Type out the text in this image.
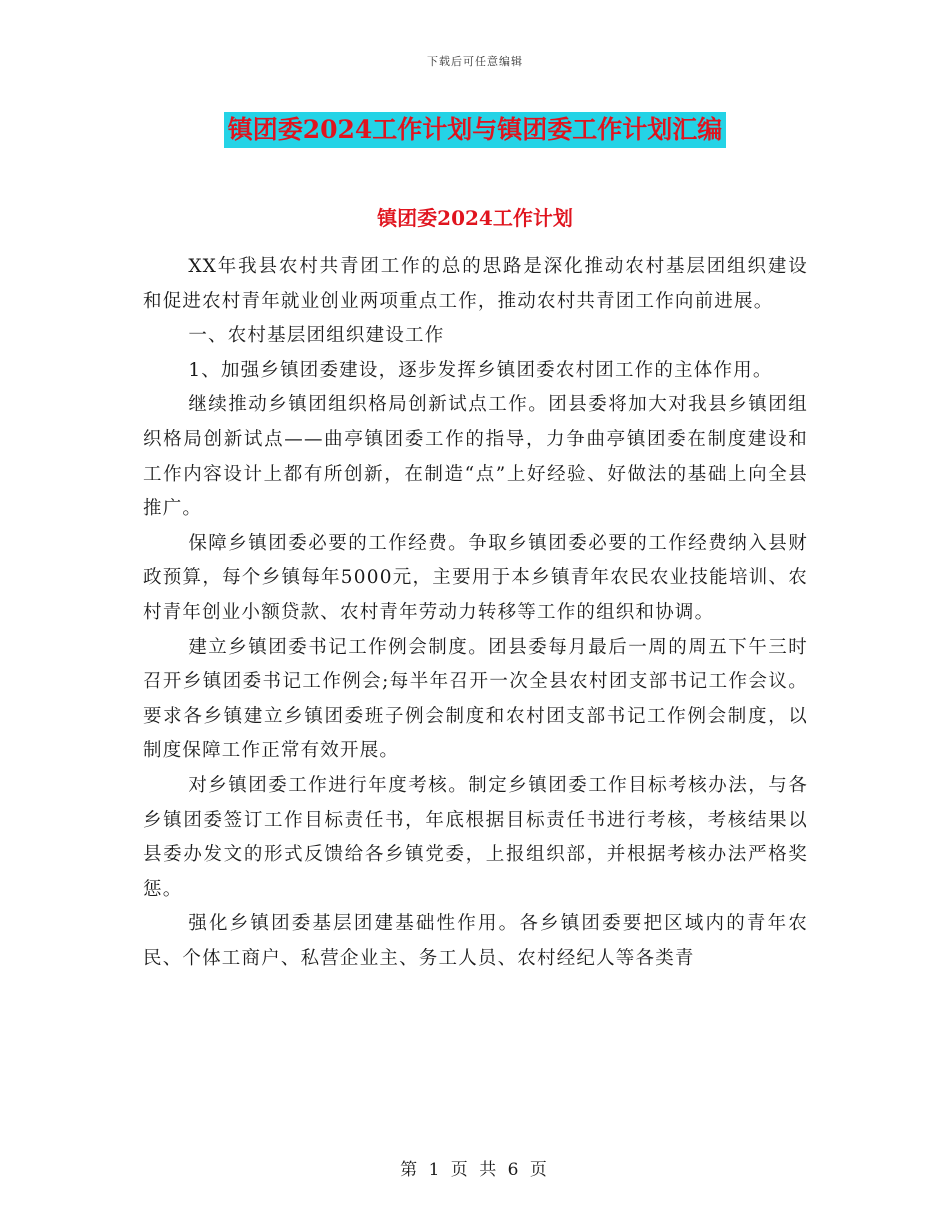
下载后可任意编辑
镇团委2024工作计划与镇团委工作计划汇编
镇团委2024工作计划

XX年我县农村共青团工作的总的思路是深化推动农村基层团组织建设和促进农村青年就业创业两项重点工作，推动农村共青团工作向前进展。

一、农村基层团组织建设工作

1、加强乡镇团委建设，逐步发挥乡镇团委农村团工作的主体作用。

继续推动乡镇团组织格局创新试点工作。团县委将加大对我县乡镇团组织格局创新试点——曲亭镇团委工作的指导，力争曲亭镇团委在制度建设和工作内容设计上都有所创新，在制造“点”上好经验、好做法的基础上向全县推广。

保障乡镇团委必要的工作经费。争取乡镇团委必要的工作经费纳入县财政预算，每个乡镇每年5000元，主要用于本乡镇青年农民农业技能培训、农村青年创业小额贷款、农村青年劳动力转移等工作的组织和协调。

建立乡镇团委书记工作例会制度。团县委每月最后一周的周五下午三时召开乡镇团委书记工作例会;每半年召开一次全县农村团支部书记工作会议。要求各乡镇建立乡镇团委班子例会制度和农村团支部书记工作例会制度，以制度保障工作正常有效开展。

对乡镇团委工作进行年度考核。制定乡镇团委工作目标考核办法，与各乡镇团委签订工作目标责任书，年底根据目标责任书进行考核，考核结果以县委办发文的形式反馈给各乡镇党委，上报组织部，并根据考核办法严格奖惩。

强化乡镇团委基层团建基础性作用。各乡镇团委要把区域内的青年农民、个体工商户、私营企业主、务工人员、农村经纪人等各类青

第 1 页 共 6 页
